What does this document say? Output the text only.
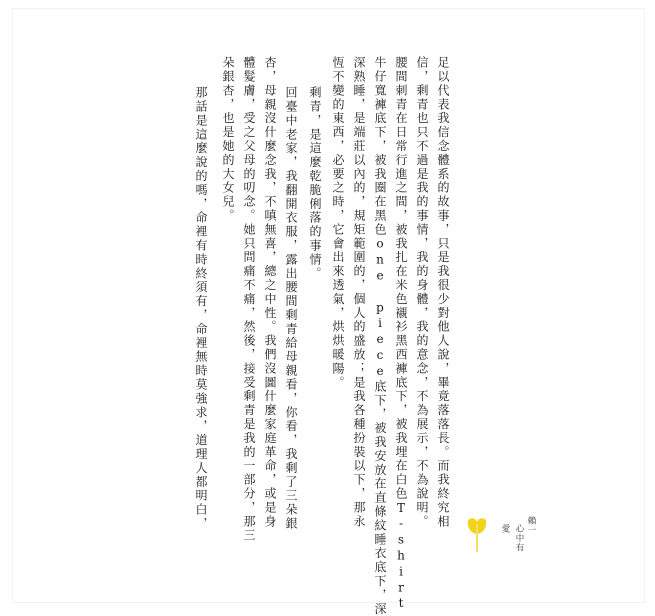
足以代表我信念體系的故事，只是我很少對他人說，畢竟落落長。而我終究相
信，剩青也只不過是我的事情，我的身體，我的意念，不為展示，不為說明。
腰間刺青在日常行進之間，被我扎在米色襯衫黑西褲底下，被我埋在白色T-shirt
牛仔寬褲底下，被我圈在黑色one piece底下，被我安放在直條紋睡衣底下，深
深熟睡，是端莊以內的，規矩範圍的，個人的盛放；是我各種扮裝以下，那永
恆不變的東西，必要之時，它會出來透氣，烘烘暖陽。
剩青，是這麼乾脆俐落的事情。
回臺中老家，我翻開衣服，露出腰間剩青給母親看，你看，我剩了三朵銀
杏，母親沒什麼念我，不嗔無喜，總之中性。我們沒圖什麼家庭革命，或是身
體髮膚，受之父母的叨念。她只問痛不痛，然後，接受剩青是我的一部分，那三
朵銀杏，也是她的大女兒。
那話是這麼說的嗎，命裡有時終須有，命裡無時莫強求，道理人都明白，	賴一
心中有
愛
